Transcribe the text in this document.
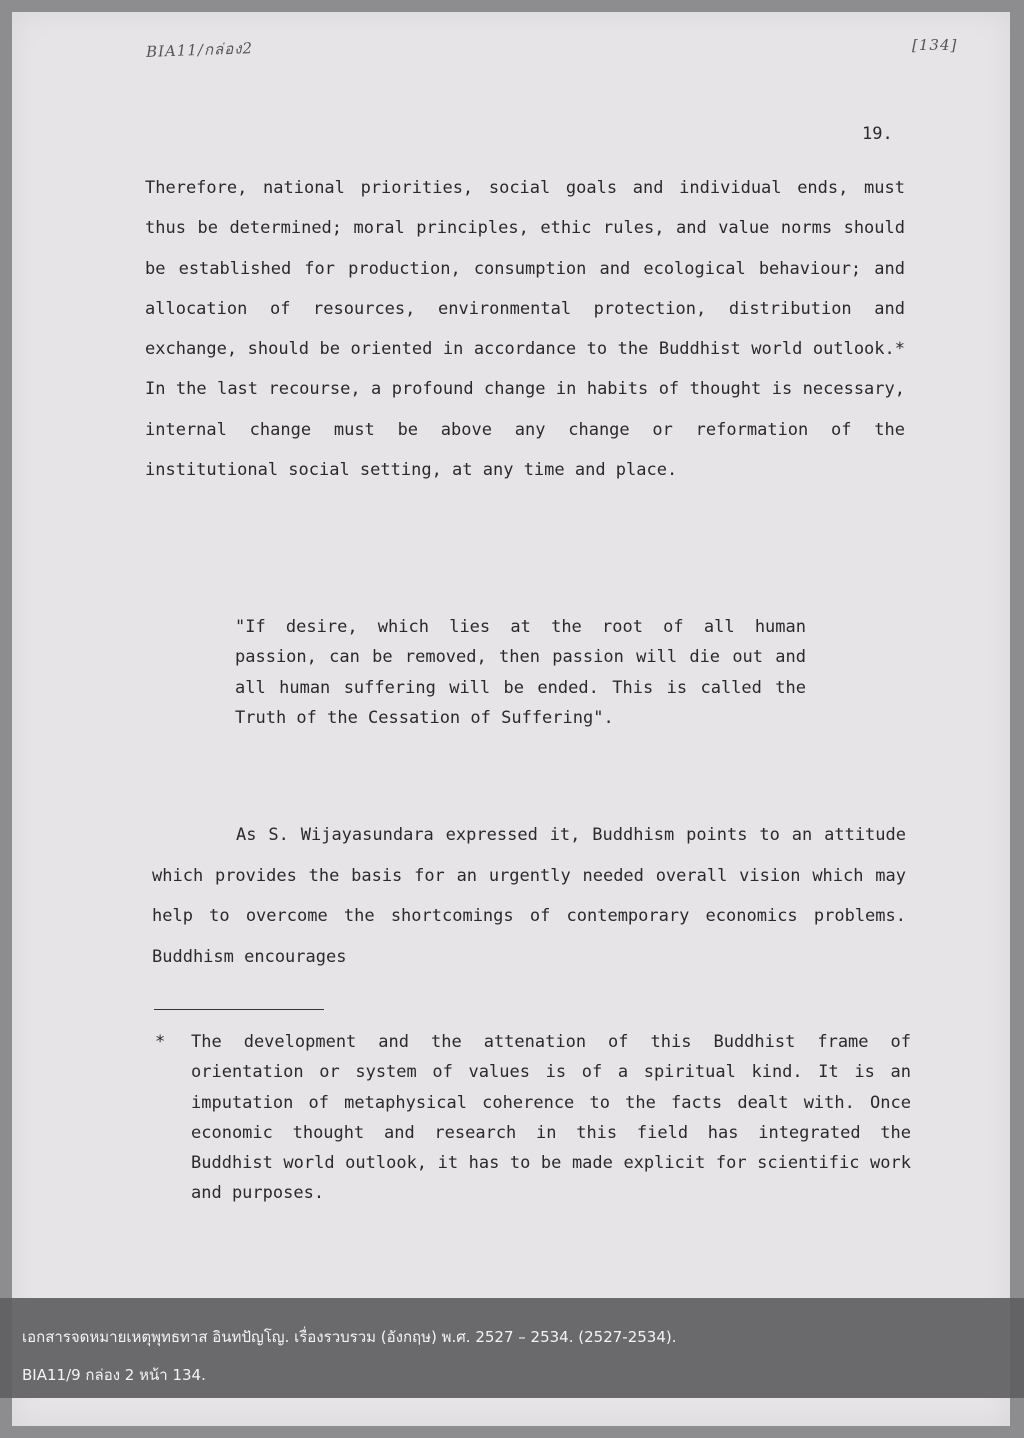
BIA11/กล่อง2	[134]
19.
Therefore, national priorities, social goals and individual ends, must thus be determined; moral principles, ethic rules, and value norms should be established for production, consumption and ecological behaviour; and allocation of resources, environmental protection, distribution and exchange, should be oriented in accordance to the Buddhist world outlook.* In the last recourse, a profound change in habits of thought is necessary, internal change must be above any change or reformation of the institutional social setting, at any time and place.
"If desire, which lies at the root of all human passion, can be removed, then passion will die out and all human suffering will be ended. This is called the Truth of the Cessation of Suffering".
As S. Wijayasundara expressed it, Buddhism points to an attitude which provides the basis for an urgently needed overall vision which may help to overcome the shortcomings of contemporary economics problems. Buddhism encourages
* The development and the attenation of this Buddhist frame of orientation or system of values is of a spiritual kind. It is an imputation of metaphysical coherence to the facts dealt with. Once economic thought and research in this field has integrated the Buddhist world outlook, it has to be made explicit for scientific work and purposes.
เอกสารจดหมายเหตุพุทธทาส อินทปัญโญ. เรื่องรวบรวม (อังกฤษ) พ.ศ. 2527 – 2534. (2527-2534).
BIA11/9 กล่อง 2 หน้า 134.
